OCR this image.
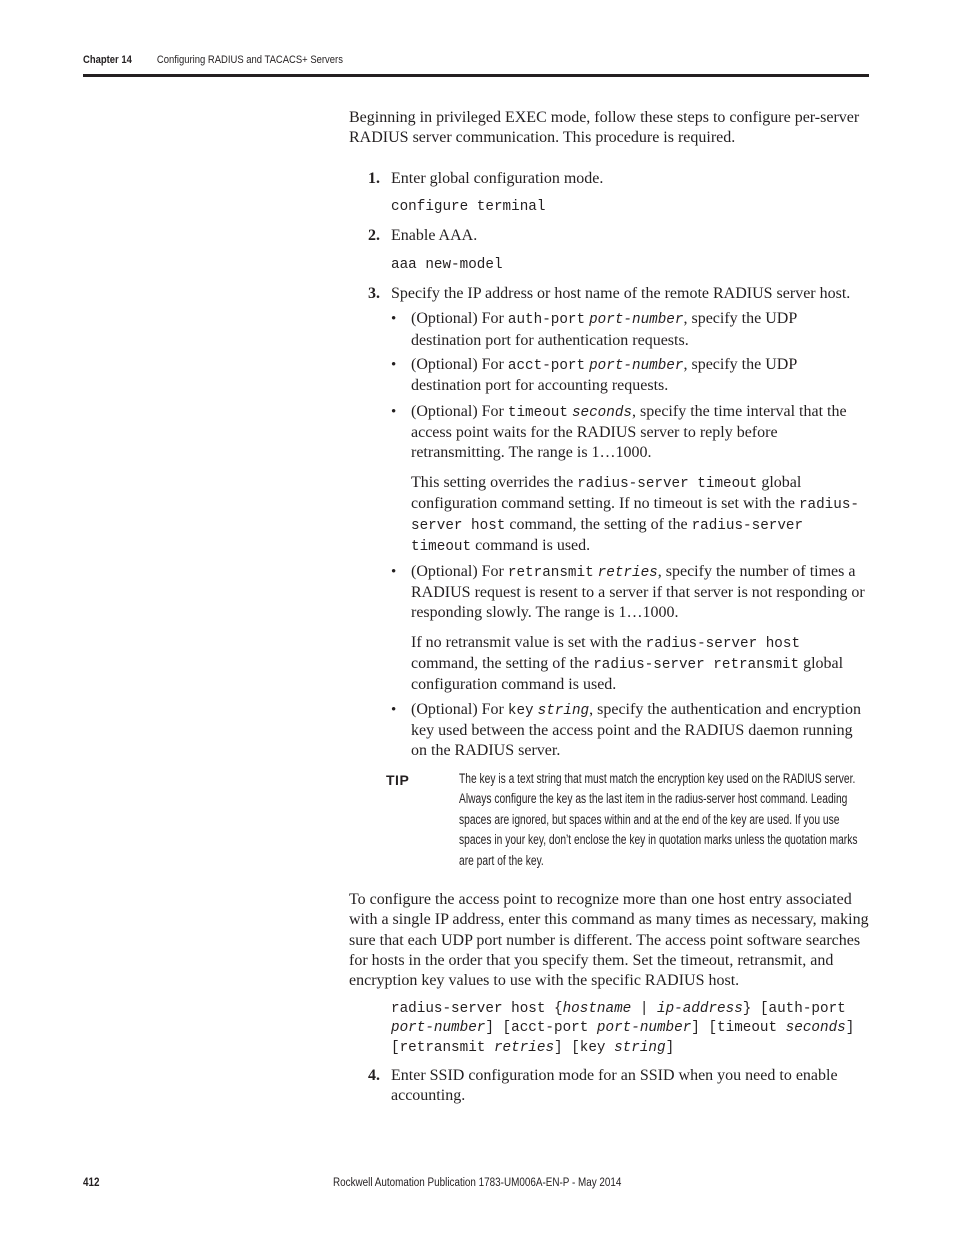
Chapter 14 Configuring RADIUS and TACACS+ Servers

Beginning in privileged EXEC mode, follow these steps to configure per-server RADIUS server communication. This procedure is required.

1. Enter global configuration mode.

configure terminal

2. Enable AAA.

aaa new-model

3. Specify the IP address or host name of the remote RADIUS server host.

• (Optional) For auth-port port-number, specify the UDP destination port for authentication requests.
• (Optional) For acct-port port-number, specify the UDP destination port for accounting requests.
• (Optional) For timeout seconds, specify the time interval that the access point waits for the RADIUS server to reply before retransmitting. The range is 1…1000.

This setting overrides the radius-server timeout global configuration command setting. If no timeout is set with the radius-server host command, the setting of the radius-server timeout command is used.

• (Optional) For retransmit retries, specify the number of times a RADIUS request is resent to a server if that server is not responding or responding slowly. The range is 1…1000.

If no retransmit value is set with the radius-server host command, the setting of the radius-server retransmit global configuration command is used.

• (Optional) For key string, specify the authentication and encryption key used between the access point and the RADIUS daemon running on the RADIUS server.
TIP	The key is a text string that must match the encryption key used on the RADIUS server. Always configure the key as the last item in the radius-server host command. Leading spaces are ignored, but spaces within and at the end of the key are used. If you use spaces in your key, don’t enclose the key in quotation marks unless the quotation marks are part of the key.

To configure the access point to recognize more than one host entry associated with a single IP address, enter this command as many times as necessary, making sure that each UDP port number is different. The access point software searches for hosts in the order that you specify them. Set the timeout, retransmit, and encryption key values to use with the specific RADIUS host.

radius-server host {hostname | ip-address} [auth-port port-number] [acct-port port-number] [timeout seconds] [retransmit retries] [key string]

4. Enter SSID configuration mode for an SSID when you need to enable accounting.

412	Rockwell Automation Publication 1783-UM006A-EN-P - May 2014
